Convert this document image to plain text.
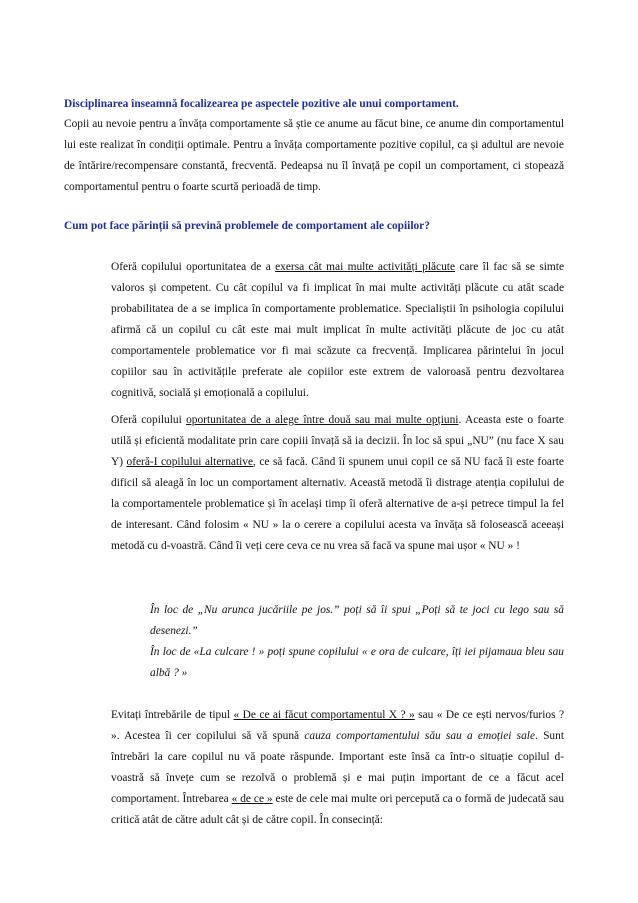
Disciplinarea înseamnă focalizearea pe aspectele pozitive ale unui comportament.

Copii au nevoie pentru a învăța comportamente să știe ce anume au făcut bine, ce anume din comportamentul lui este realizat în condiții optimale. Pentru a învăța comportamente pozitive copilul, ca și adultul are nevoie de întărire/recompensare constantă, frecventă. Pedeapsa nu îl învață pe copil un comportament, ci stopează comportamentul pentru o foarte scurtă perioadă de timp.

Cum pot face părinții să prevină problemele de comportament ale copiilor?

Oferă copilului oportunitatea de a exersa cât mai multe activități plăcute care îl fac să se simte valoros și competent. Cu cât copilul va fi implicat în mai multe activități plăcute cu atât scade probabilitatea de a se implica în comportamente problematice. Specialiștii în psihologia copilului afirmă că un copilul cu cât este mai mult implicat în multe activități plăcute de joc cu atât comportamentele problematice vor fi mai scăzute ca frecvență. Implicarea părintelui în jocul copiilor sau în activitățile preferate ale copiilor este extrem de valoroasă pentru dezvoltarea cognitivă, socială și emoțională a copilului.

Oferă copilului oportunitatea de a alege între două sau mai multe opțiuni. Aceasta este o foarte utilă și eficientă modalitate prin care copiii învață să ia decizii. În loc să spui „NU” (nu face X sau Y) oferă-I copilului alternative, ce să facă. Când îi spunem unui copil ce să NU facă îi este foarte dificil să aleagă în loc un comportament alternativ. Această metodă îi distrage atenția copilului de la comportamentele problematice și în același timp îi oferă alternative de a-și petrece timpul la fel de interesant. Când folosim « NU » la o cerere a copilului acesta va învăța să folosească aceeași metodă cu d-voastră. Când îi veți cere ceva ce nu vrea să facă va spune mai ușor « NU » !

În loc de „Nu arunca jucăriile pe jos.” poți să îi spui „Poți să te joci cu lego sau să desenezi.”

În loc de «La culcare ! » poți spune copilului « e ora de culcare, îți iei pijamaua bleu sau albă ? »

Evitați întrebările de tipul « De ce ai făcut comportamentul X ? » sau « De ce ești nervos/furios ? ». Acestea îi cer copilului să vă spună cauza comportamentului său sau a emoției sale. Sunt întrebări la care copilul nu vă poate răspunde. Important este însă ca într-o situație copilul d-voastră să învețe cum se rezolvă o problemă și e mai puțin important de ce a făcut acel comportament. Întrebarea « de ce » este de cele mai multe ori percepută ca o formă de judecată sau critică atât de către adult cât și de către copil. În consecință:
